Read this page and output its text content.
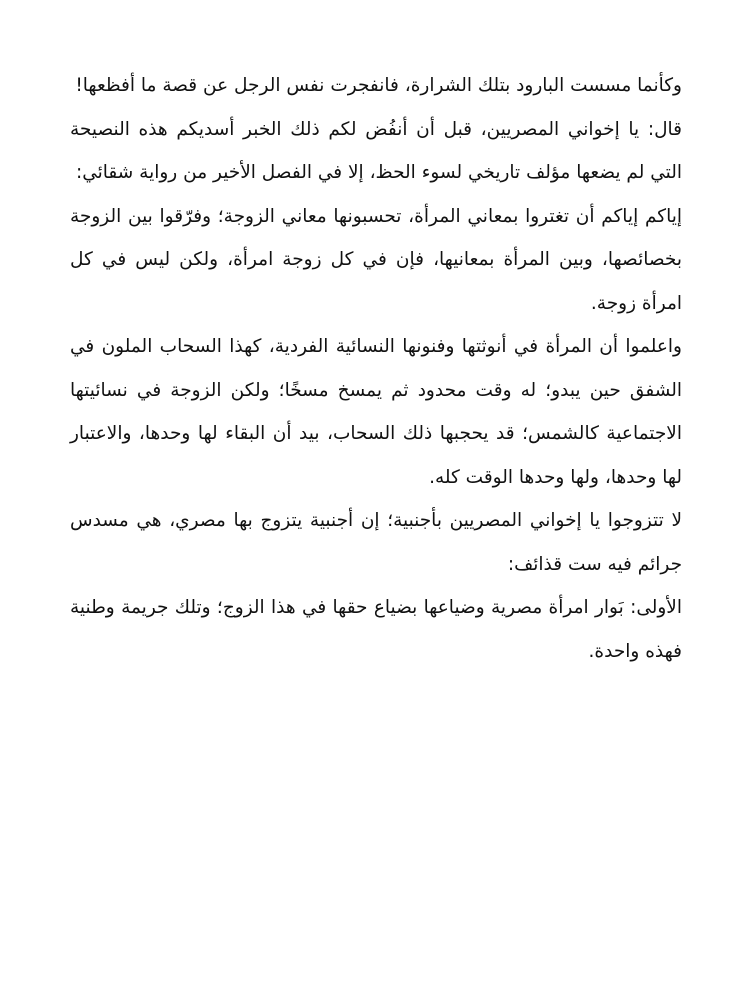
وكأنما مسست البارود بتلك الشرارة، فانفجرت نفس الرجل عن قصة ما أفظعها!

قال: يا إخواني المصريين، قبل أن أنفُض لكم ذلك الخبر أسديكم هذه النصيحة التي لم يضعها مؤلف تاريخي لسوء الحظ، إلا في الفصل الأخير من رواية شقائي:

إياكم إياكم أن تغتروا بمعاني المرأة، تحسبونها معاني الزوجة؛ وفرّقوا بين الزوجة بخصائصها، وبين المرأة بمعانيها، فإن في كل زوجة امرأة، ولكن ليس في كل امرأة زوجة.

واعلموا أن المرأة في أنوثتها وفنونها النسائية الفردية، كهذا السحاب الملون في الشفق حين يبدو؛ له وقت محدود ثم يمسخ مسخًا؛ ولكن الزوجة في نسائيتها الاجتماعية كالشمس؛ قد يحجبها ذلك السحاب، بيد أن البقاء لها وحدها، والاعتبار لها وحدها، ولها وحدها الوقت كله.

لا تتزوجوا يا إخواني المصريين بأجنبية؛ إن أجنبية يتزوج بها مصري، هي مسدس جرائم فيه ست قذائف:

الأولى: بَوار امرأة مصرية وضياعها بضياع حقها في هذا الزوج؛ وتلك جريمة وطنية فهذه واحدة.
